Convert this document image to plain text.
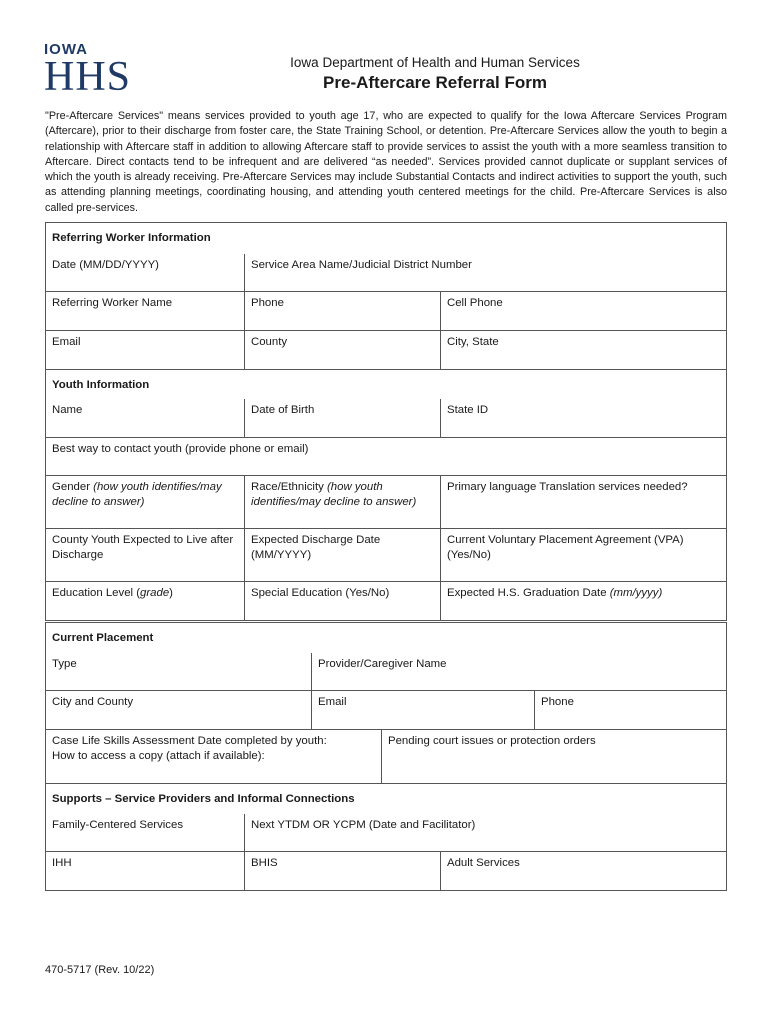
IOWA
HHS	Iowa Department of Health and Human Services
Pre-Aftercare Referral Form
"Pre-Aftercare Services" means services provided to youth age 17, who are expected to qualify for the Iowa Aftercare Services Program (Aftercare), prior to their discharge from foster care, the State Training School, or detention. Pre-Aftercare Services allow the youth to begin a relationship with Aftercare staff in addition to allowing Aftercare staff to provide services to assist the youth with a more seamless transition to Aftercare. Direct contacts tend to be infrequent and are delivered “as needed”. Services provided cannot duplicate or supplant services of which the youth is already receiving. Pre-Aftercare Services may include Substantial Contacts and indirect activities to support the youth, such as attending planning meetings, coordinating housing, and attending youth centered meetings for the child. Pre-Aftercare Services is also called pre-services.
Referring Worker Information		
Date (MM/DD/YYYY)	Service Area Name/Judicial District Number	
Referring Worker Name	Phone	Cell Phone
Email	County	City, State
Youth Information		
Name	Date of Birth	State ID
Best way to contact youth (provide phone or email)		
Gender (how youth identifies/may decline to answer)	Race/Ethnicity (how youth identifies/may decline to answer)	Primary language Translation services needed?
County Youth Expected to Live after Discharge	Expected Discharge Date (MM/YYYY)	Current Voluntary Placement Agreement (VPA) (Yes/No)
Education Level (grade)	Special Education (Yes/No)	Expected H.S. Graduation Date (mm/yyyy)
Current Placement			
Type	Provider/Caregiver Name		
City and County	Email		Phone

Case Life Skills Assessment Date completed by youth:
How to access a copy (attach if available):		Pending court issues or protection orders	
Supports – Service Providers and Informal Connections		
Family-Centered Services	Next YTDM OR YCPM (Date and Facilitator)	
IHH	BHIS	Adult Services
470-5717 (Rev. 10/22)
